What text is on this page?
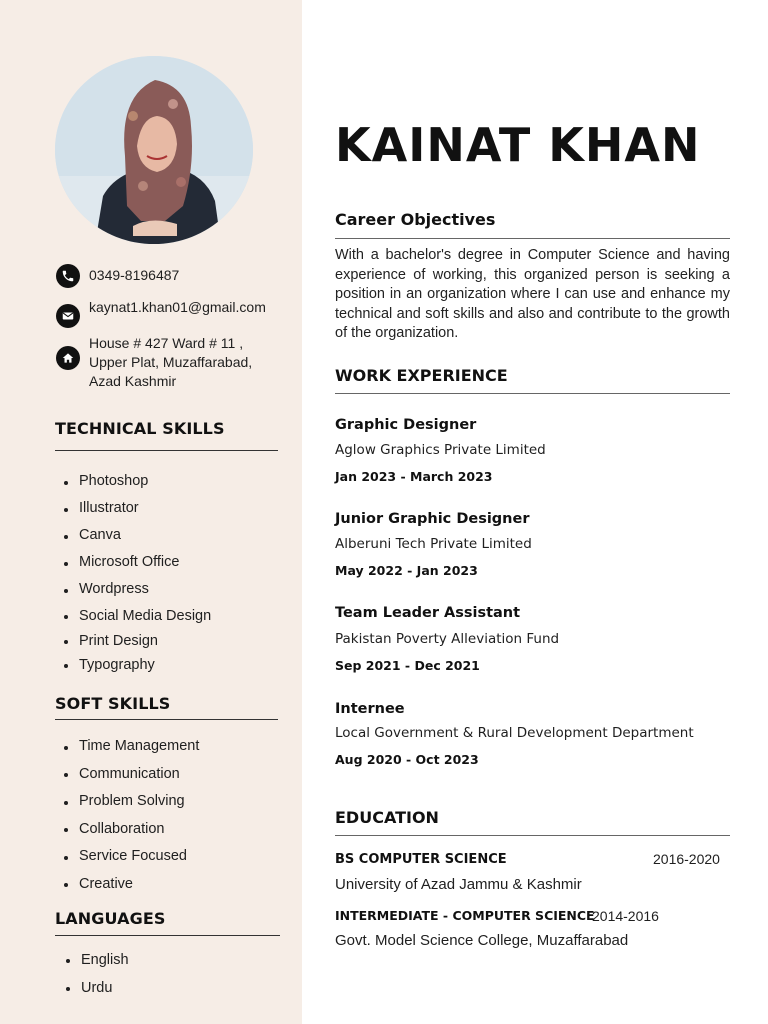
0349-8196487
kaynat1.khan01@gmail.com
House # 427 Ward # 11 , Upper Plat, Muzaffarabad, Azad Kashmir
TECHNICAL SKILLS
Photoshop
Illustrator
Canva
Microsoft Office
Wordpress
Social Media Design
Print Design
Typography
SOFT SKILLS
Time Management
Communication
Problem Solving
Collaboration
Service Focused
Creative
LANGUAGES
English
Urdu
KAINAT KHAN
Career Objectives
With a bachelor's degree in Computer Science and having experience of working, this organized person is seeking a position in an organization where I can use and enhance my technical and soft skills and also and contribute to the growth of the organization.
WORK EXPERIENCE
Graphic Designer
Aglow Graphics Private Limited
Jan 2023 - March 2023
Junior Graphic Designer
Alberuni Tech Private Limited
May 2022 - Jan 2023
Team Leader Assistant
Pakistan Poverty Alleviation Fund
Sep 2021 - Dec 2021
Internee
Local Government & Rural Development Department
Aug 2020 - Oct 2023
EDUCATION
BS COMPUTER SCIENCE	2016-2020
University of Azad Jammu & Kashmir
INTERMEDIATE - COMPUTER SCIENCE
2014-2016
Govt. Model Science College, Muzaffarabad
